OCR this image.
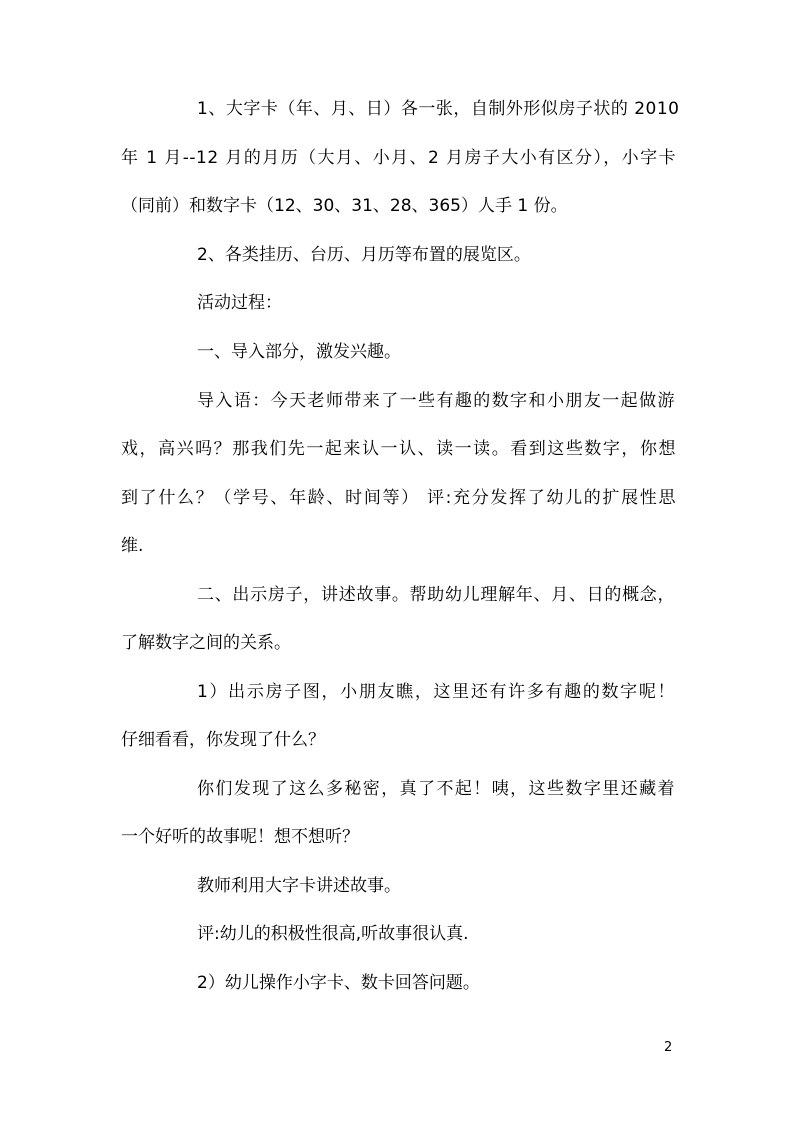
1、大字卡（年、月、日）各一张，自制外形似房子状的 2010
年 1 月--12 月的月历（大月、小月、2 月房子大小有区分），小字卡
（同前）和数字卡（12、30、31、28、365）人手 1 份。
2、各类挂历、台历、月历等布置的展览区。
活动过程：
一、导入部分，激发兴趣。
导入语：今天老师带来了一些有趣的数字和小朋友一起做游
戏，高兴吗？那我们先一起来认一认、读一读。看到这些数字，你想
到了什么？（学号、年龄、时间等） 评:充分发挥了幼儿的扩展性思
维.
二、出示房子，讲述故事。帮助幼儿理解年、月、日的概念，
了解数字之间的关系。
1）出示房子图，小朋友瞧，这里还有许多有趣的数字呢！
仔细看看，你发现了什么？
你们发现了这么多秘密，真了不起！咦，这些数字里还藏着
一个好听的故事呢！想不想听？
教师利用大字卡讲述故事。
评:幼儿的积极性很高,听故事很认真.
2）幼儿操作小字卡、数卡回答问题。
2
